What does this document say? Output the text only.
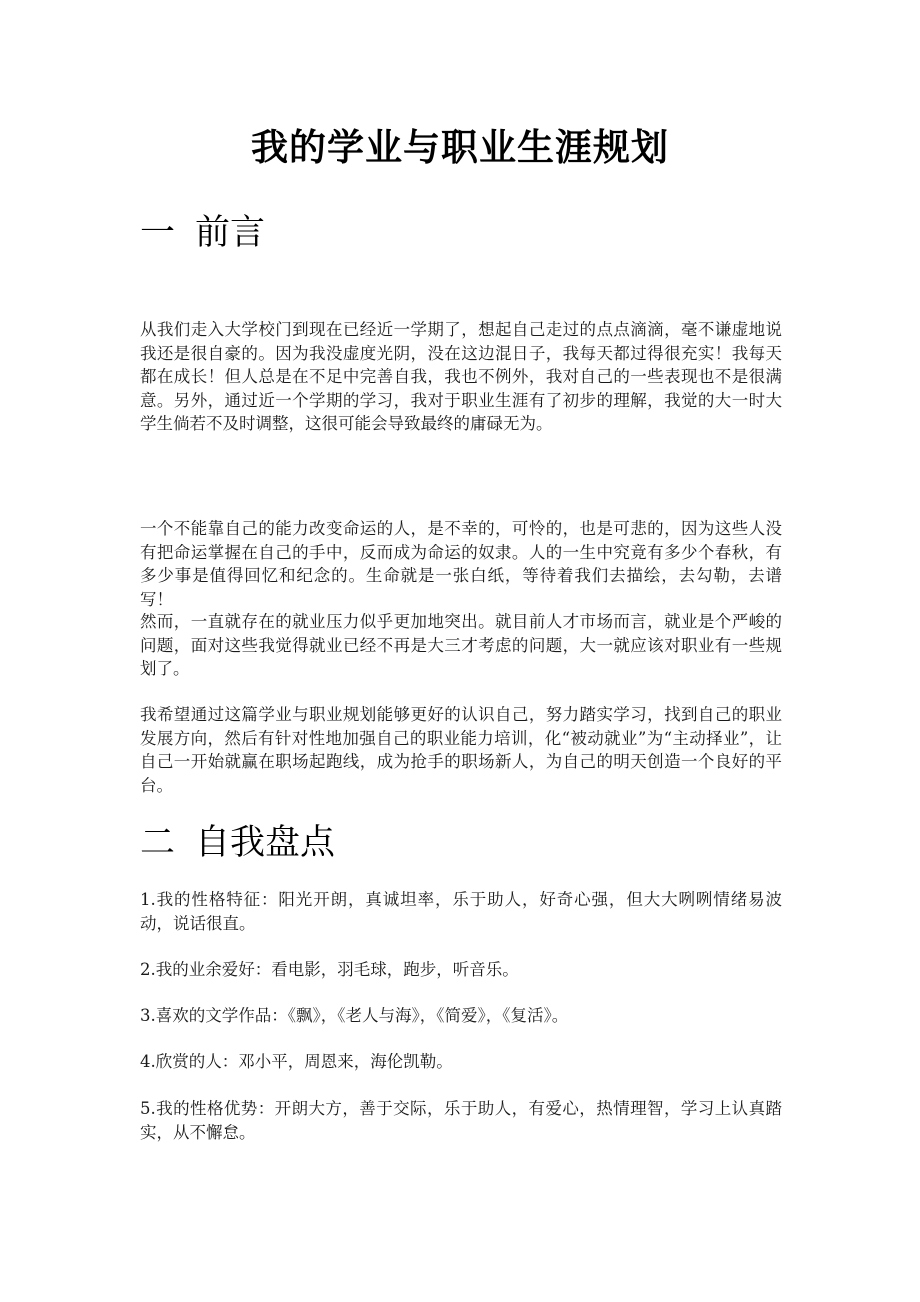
我的学业与职业生涯规划
一 前言

从我们走入大学校门到现在已经近一学期了，想起自己走过的点点滴滴，毫不谦虚地说我还是很自豪的。因为我没虚度光阴，没在这边混日子，我每天都过得很充实！我每天都在成长！但人总是在不足中完善自我，我也不例外，我对自己的一些表现也不是很满意。另外，通过近一个学期的学习，我对于职业生涯有了初步的理解，我觉的大一时大学生倘若不及时调整，这很可能会导致最终的庸碌无为。

一个不能靠自己的能力改变命运的人，是不幸的，可怜的，也是可悲的，因为这些人没有把命运掌握在自己的手中，反而成为命运的奴隶。人的一生中究竟有多少个春秋，有多少事是值得回忆和纪念的。生命就是一张白纸，等待着我们去描绘，去勾勒，去谱写！

然而，一直就存在的就业压力似乎更加地突出。就目前人才市场而言，就业是个严峻的问题，面对这些我觉得就业已经不再是大三才考虑的问题，大一就应该对职业有一些规划了。

我希望通过这篇学业与职业规划能够更好的认识自己，努力踏实学习，找到自己的职业发展方向，然后有针对性地加强自己的职业能力培训，化“被动就业”为“主动择业”，让自己一开始就赢在职场起跑线，成为抢手的职场新人，为自己的明天创造一个良好的平台。

二 自我盘点

1.我的性格特征：阳光开朗，真诚坦率，乐于助人，好奇心强，但大大咧咧情绪易波动，说话很直。

2.我的业余爱好：看电影，羽毛球，跑步，听音乐。

3.喜欢的文学作品：《飘》，《老人与海》，《简爱》，《复活》。

4.欣赏的人：邓小平，周恩来，海伦凯勒。

5.我的性格优势：开朗大方，善于交际，乐于助人，有爱心，热情理智，学习上认真踏实，从不懈怠。
